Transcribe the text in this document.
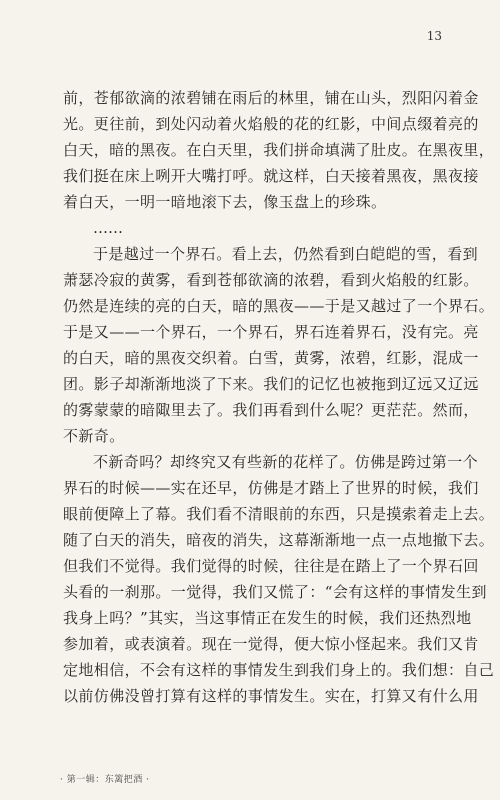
13
前，苍郁欲滴的浓碧铺在雨后的林里，铺在山头，烈阳闪着金
光。更往前，到处闪动着火焰般的花的红影，中间点缀着亮的
白天，暗的黑夜。在白天里，我们拼命填满了肚皮。在黑夜里，
我们挺在床上咧开大嘴打呼。就这样，白天接着黑夜，黑夜接
着白天，一明一暗地滚下去，像玉盘上的珍珠。
……
于是越过一个界石。看上去，仍然看到白皑皑的雪，看到
萧瑟冷寂的黄雾，看到苍郁欲滴的浓碧，看到火焰般的红影。
仍然是连续的亮的白天，暗的黑夜——于是又越过了一个界石。
于是又——一个界石，一个界石，界石连着界石，没有完。亮
的白天，暗的黑夜交织着。白雪，黄雾，浓碧，红影，混成一
团。影子却渐渐地淡了下来。我们的记忆也被拖到辽远又辽远
的雾蒙蒙的暗陬里去了。我们再看到什么呢？更茫茫。然而，
不新奇。
不新奇吗？却终究又有些新的花样了。仿佛是跨过第一个
界石的时候——实在还早，仿佛是才踏上了世界的时候，我们
眼前便障上了幕。我们看不清眼前的东西，只是摸索着走上去。
随了白天的消失，暗夜的消失，这幕渐渐地一点一点地撤下去。
但我们不觉得。我们觉得的时候，往往是在踏上了一个界石回
头看的一刹那。一觉得，我们又慌了：“会有这样的事情发生到
我身上吗？”其实，当这事情正在发生的时候，我们还热烈地
参加着，或表演着。现在一觉得，便大惊小怪起来。我们又肯
定地相信，不会有这样的事情发生到我们身上的。我们想：自己
以前仿佛没曾打算有这样的事情发生。实在，打算又有什么用
· 第一辑：东篱把酒 ·
